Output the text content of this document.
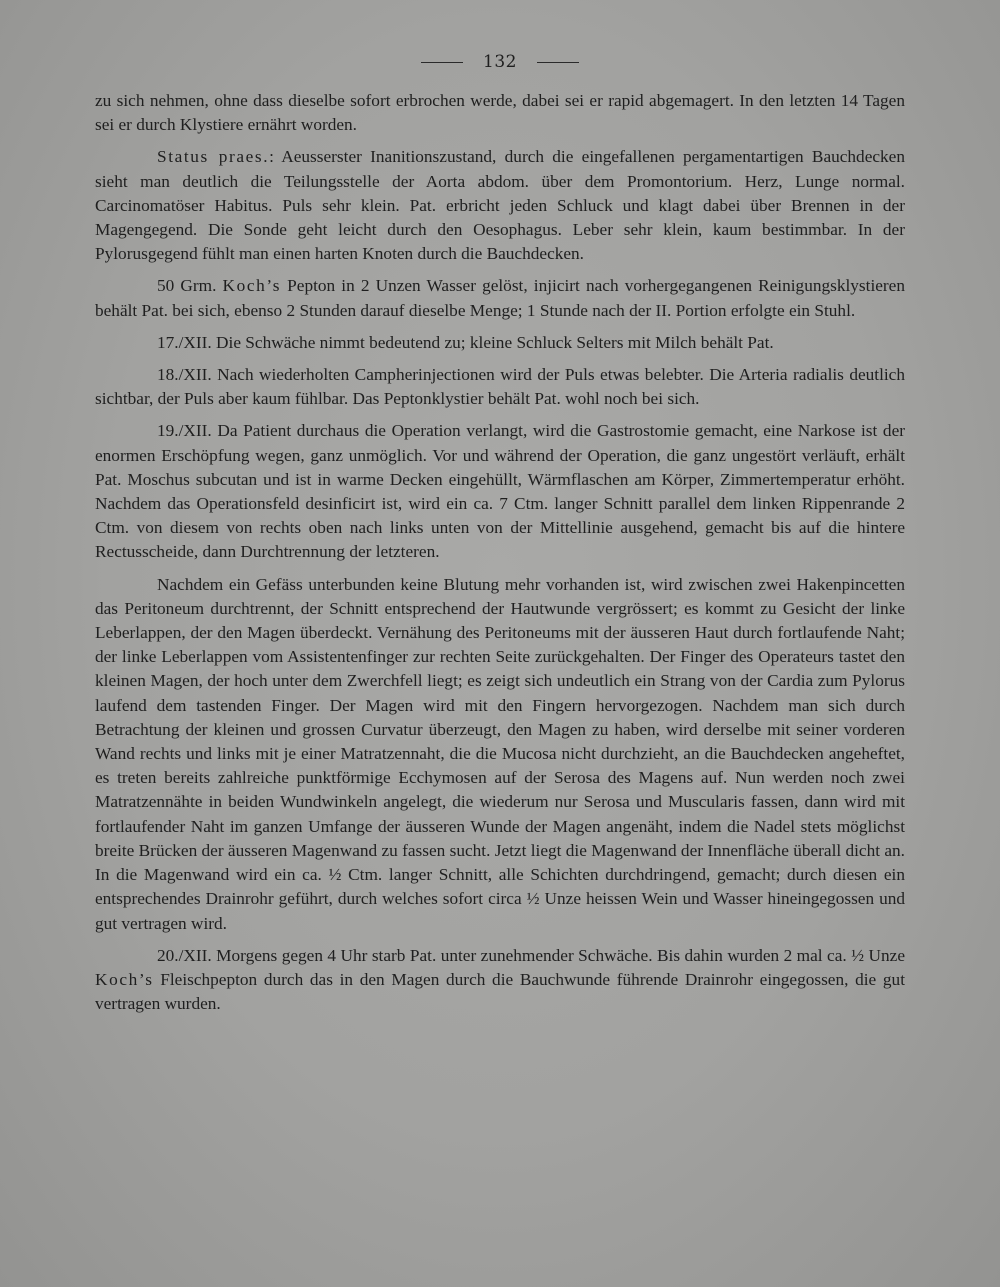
132

zu sich nehmen, ohne dass dieselbe sofort erbrochen werde, dabei sei er rapid abgemagert. In den letzten 14 Tagen sei er durch Klystiere ernährt worden.

Status praes.: Aeusserster Inanitionszustand, durch die eingefallenen pergamentartigen Bauchdecken sieht man deutlich die Teilungsstelle der Aorta abdom. über dem Promontorium. Herz, Lunge normal. Carcinomatöser Habitus. Puls sehr klein. Pat. erbricht jeden Schluck und klagt dabei über Brennen in der Magengegend. Die Sonde geht leicht durch den Oesophagus. Leber sehr klein, kaum bestimmbar. In der Pylorusgegend fühlt man einen harten Knoten durch die Bauchdecken.

50 Grm. Koch’s Pepton in 2 Unzen Wasser gelöst, injicirt nach vorhergegangenen Reinigungsklystieren behält Pat. bei sich, ebenso 2 Stunden darauf dieselbe Menge; 1 Stunde nach der II. Portion erfolgte ein Stuhl.

17./XII. Die Schwäche nimmt bedeutend zu; kleine Schluck Selters mit Milch behält Pat.

18./XII. Nach wiederholten Campherinjectionen wird der Puls etwas belebter. Die Arteria radialis deutlich sichtbar, der Puls aber kaum fühlbar. Das Peptonklystier behält Pat. wohl noch bei sich.

19./XII. Da Patient durchaus die Operation verlangt, wird die Gastrostomie gemacht, eine Narkose ist der enormen Erschöpfung wegen, ganz unmöglich. Vor und während der Operation, die ganz ungestört verläuft, erhält Pat. Moschus subcutan und ist in warme Decken eingehüllt, Wärmflaschen am Körper, Zimmertemperatur erhöht. Nachdem das Operationsfeld desinficirt ist, wird ein ca. 7 Ctm. langer Schnitt parallel dem linken Rippenrande 2 Ctm. von diesem von rechts oben nach links unten von der Mittellinie ausgehend, gemacht bis auf die hintere Rectusscheide, dann Durchtrennung der letzteren.

Nachdem ein Gefäss unterbunden keine Blutung mehr vorhanden ist, wird zwischen zwei Hakenpincetten das Peritoneum durchtrennt, der Schnitt entsprechend der Hautwunde vergrössert; es kommt zu Gesicht der linke Leberlappen, der den Magen überdeckt. Vernähung des Peritoneums mit der äusseren Haut durch fortlaufende Naht; der linke Leberlappen vom Assistentenfinger zur rechten Seite zurückgehalten. Der Finger des Operateurs tastet den kleinen Magen, der hoch unter dem Zwerchfell liegt; es zeigt sich undeutlich ein Strang von der Cardia zum Pylorus laufend dem tastenden Finger. Der Magen wird mit den Fingern hervorgezogen. Nachdem man sich durch Betrachtung der kleinen und grossen Curvatur überzeugt, den Magen zu haben, wird derselbe mit seiner vorderen Wand rechts und links mit je einer Matratzennaht, die die Mucosa nicht durchzieht, an die Bauchdecken angeheftet, es treten bereits zahlreiche punktförmige Ecchymosen auf der Serosa des Magens auf. Nun werden noch zwei Matratzennähte in beiden Wundwinkeln angelegt, die wiederum nur Serosa und Muscularis fassen, dann wird mit fortlaufender Naht im ganzen Umfange der äusseren Wunde der Magen angenäht, indem die Nadel stets möglichst breite Brücken der äusseren Magenwand zu fassen sucht. Jetzt liegt die Magenwand der Innenfläche überall dicht an. In die Magenwand wird ein ca. ½ Ctm. langer Schnitt, alle Schichten durchdringend, gemacht; durch diesen ein entsprechendes Drainrohr geführt, durch welches sofort circa ½ Unze heissen Wein und Wasser hineingegossen und gut vertragen wird.

20./XII. Morgens gegen 4 Uhr starb Pat. unter zunehmender Schwäche. Bis dahin wurden 2 mal ca. ½ Unze Koch’s Fleischpepton durch das in den Magen durch die Bauchwunde führende Drainrohr eingegossen, die gut vertragen wurden.
